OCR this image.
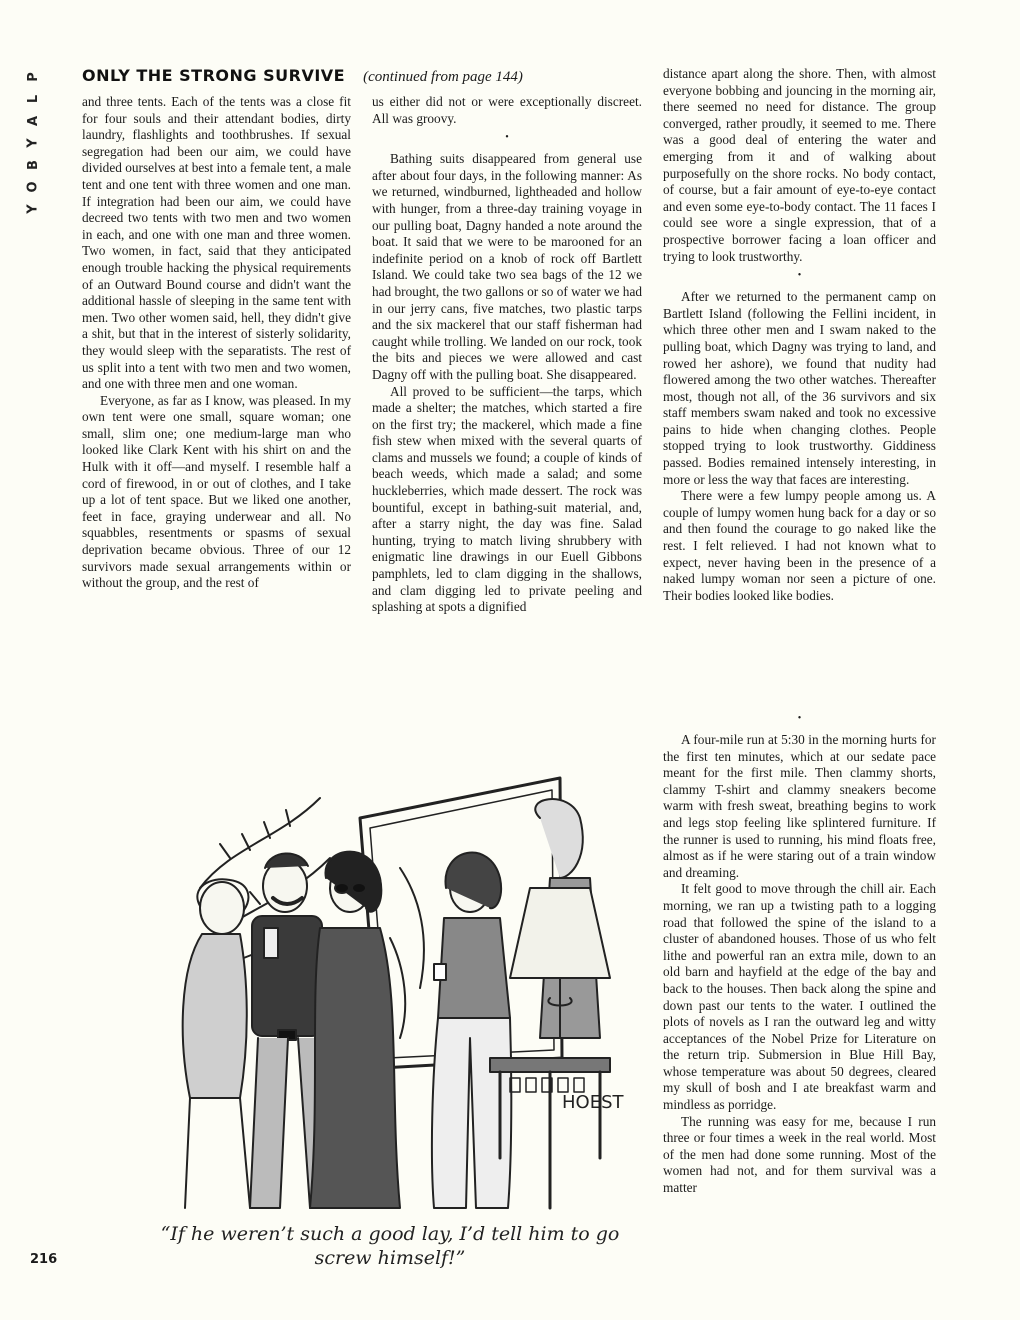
P
L
A
Y
B
O
Y
ONLY THE STRONG SURVIVE (continued from page 144)

and three tents. Each of the tents was a close fit for four souls and their attendant bodies, dirty laundry, flashlights and toothbrushes. If sexual segregation had been our aim, we could have divided ourselves at best into a female tent, a male tent and one tent with three women and one man. If integration had been our aim, we could have decreed two tents with two men and two women in each, and one with one man and three women. Two women, in fact, said that they anticipated enough trouble hacking the physical requirements of an Outward Bound course and didn't want the additional hassle of sleeping in the same tent with men. Two other women said, hell, they didn't give a shit, but that in the interest of sisterly solidarity, they would sleep with the separatists. The rest of us split into a tent with two men and two women, and one with three men and one woman.

Everyone, as far as I know, was pleased. In my own tent were one small, square woman; one small, slim one; one medium-large man who looked like Clark Kent with his shirt on and the Hulk with it off—and myself. I resemble half a cord of firewood, in or out of clothes, and I take up a lot of tent space. But we liked one another, feet in face, graying underwear and all. No squabbles, resentments or spasms of sexual deprivation became obvious. Three of our 12 survivors made sexual arrangements within or without the group, and the rest of

us either did not or were exceptionally discreet. All was groovy.

•

Bathing suits disappeared from general use after about four days, in the following manner: As we returned, windburned, lightheaded and hollow with hunger, from a three-day training voyage in our pulling boat, Dagny handed a note around the boat. It said that we were to be marooned for an indefinite period on a knob of rock off Bartlett Island. We could take two sea bags of the 12 we had brought, the two gallons or so of water we had in our jerry cans, five matches, two plastic tarps and the six mackerel that our staff fisherman had caught while trolling. We landed on our rock, took the bits and pieces we were allowed and cast Dagny off with the pulling boat. She disappeared.

All proved to be sufficient—the tarps, which made a shelter; the matches, which started a fire on the first try; the mackerel, which made a fine fish stew when mixed with the several quarts of clams and mussels we found; a couple of kinds of beach weeds, which made a salad; and some huckleberries, which made dessert. The rock was bountiful, except in bathing-suit material, and, after a starry night, the day was fine. Salad hunting, trying to match living shrubbery with enigmatic line drawings in our Euell Gibbons pamphlets, led to clam digging in the shallows, and clam digging led to private peeling and splashing at spots a dignified

distance apart along the shore. Then, with almost everyone bobbing and jouncing in the morning air, there seemed no need for distance. The group converged, rather proudly, it seemed to me. There was a good deal of entering the water and emerging from it and of walking about purposefully on the shore rocks. No body contact, of course, but a fair amount of eye-to-eye contact and even some eye-to-body contact. The 11 faces I could see wore a single expression, that of a prospective borrower facing a loan officer and trying to look trustworthy.

•

After we returned to the permanent camp on Bartlett Island (following the Fellini incident, in which three other men and I swam naked to the pulling boat, which Dagny was trying to land, and rowed her ashore), we found that nudity had flowered among the two other watches. Thereafter most, though not all, of the 36 survivors and six staff members swam naked and took no excessive pains to hide when changing clothes. People stopped trying to look trustworthy. Giddiness passed. Bodies remained intensely interesting, in more or less the way that faces are interesting.

There were a few lumpy people among us. A couple of lumpy women hung back for a day or so and then found the courage to go naked like the rest. I felt relieved. I had not known what to expect, never having been in the presence of a naked lumpy woman nor seen a picture of one. Their bodies looked like bodies.

•

A four-mile run at 5:30 in the morning hurts for the first ten minutes, which at our sedate pace meant for the first mile. Then clammy shorts, clammy T-shirt and clammy sneakers become warm with fresh sweat, breathing begins to work and legs stop feeling like splintered furniture. If the runner is used to running, his mind floats free, almost as if he were staring out of a train window and dreaming.

It felt good to move through the chill air. Each morning, we ran up a twisting path to a logging road that followed the spine of the island to a cluster of abandoned houses. Those of us who felt lithe and powerful ran an extra mile, down to an old barn and hayfield at the edge of the bay and back to the houses. Then back along the spine and down past our tents to the water. I outlined the plots of novels as I ran the outward leg and witty acceptances of the Nobel Prize for Literature on the return trip. Submersion in Blue Hill Bay, whose temperature was about 50 degrees, cleared my skull of bosh and I ate breakfast warm and mindless as porridge.

The running was easy for me, because I run three or four times a week in the real world. Most of the men had done some running. Most of the women had not, and for them survival was a matter

HOEST
“If he weren’t such a good lay, I’d tell him to go screw himself!”
216
